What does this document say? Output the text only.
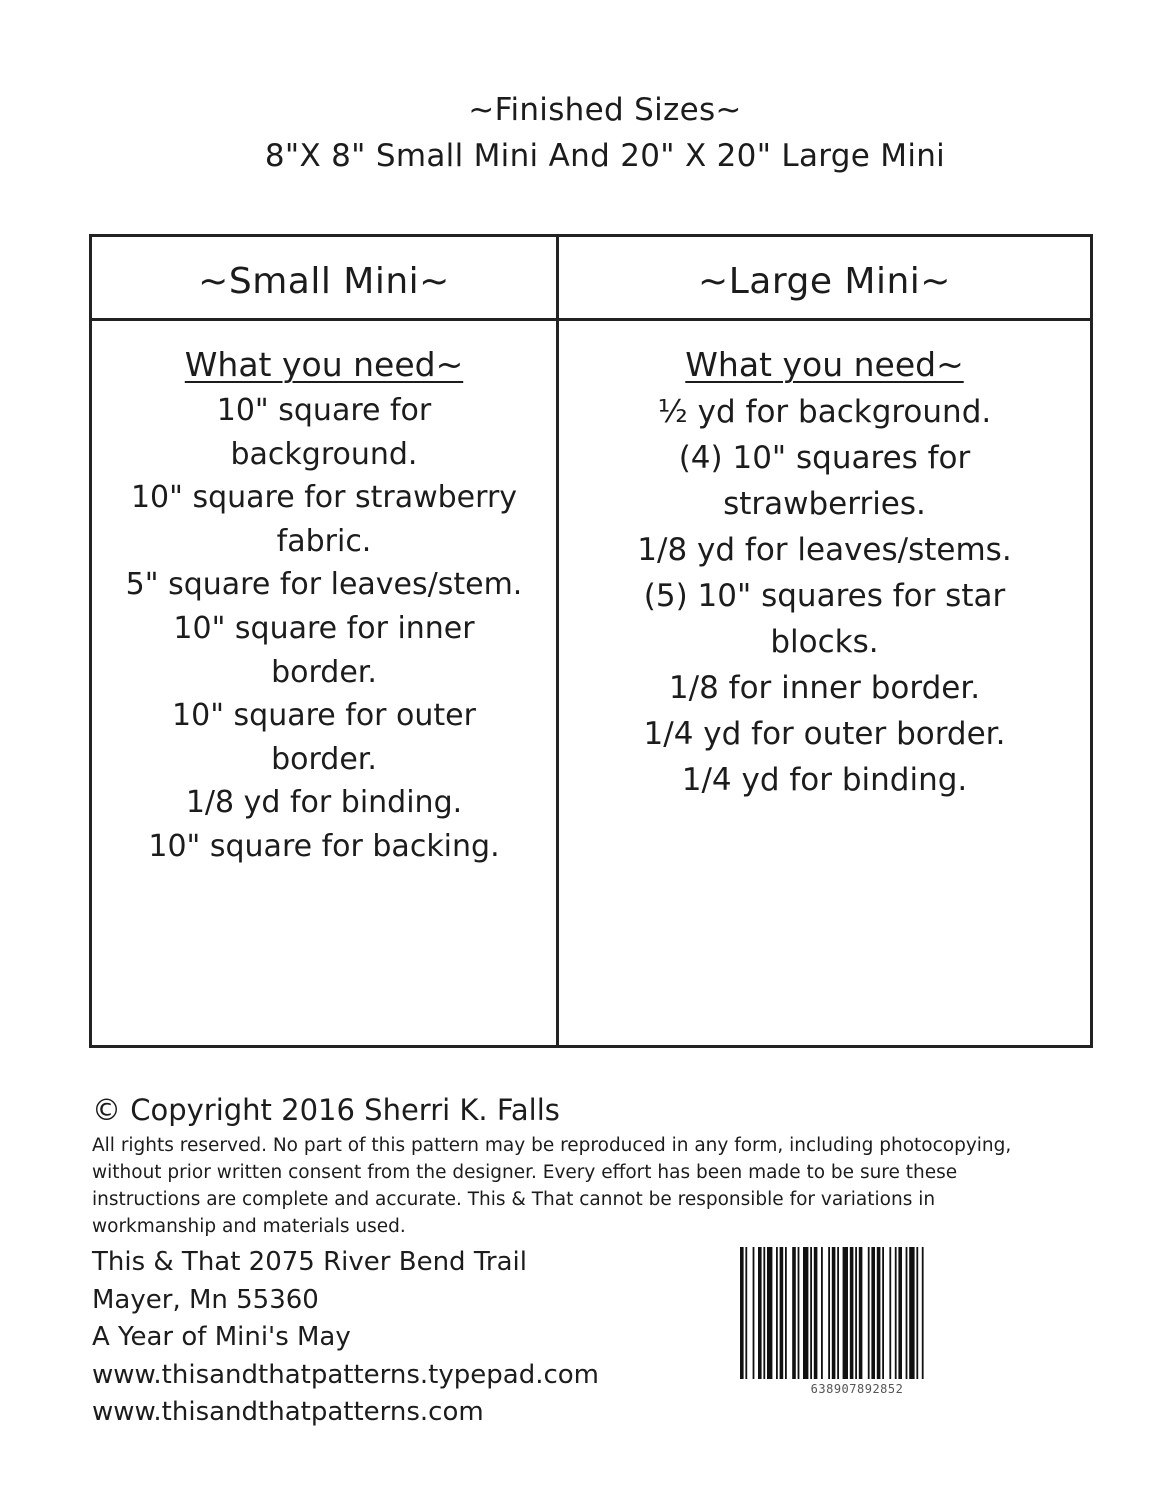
~Finished Sizes~
8"X 8" Small Mini And 20" X 20" Large Mini
~Small Mini~
What you need~
10" square for
background.
10" square for strawberry
fabric.
5" square for leaves/stem.
10" square for inner
border.
10" square for outer
border.
1/8 yd for binding.
10" square for backing.
~Large Mini~
What you need~
½ yd for background.
(4) 10" squares for
strawberries.
1/8 yd for leaves/stems.
(5) 10" squares for star
blocks.
1/8 for inner border.
1/4 yd for outer border.
1/4 yd for binding.
© Copyright 2016 Sherri K. Falls
All rights reserved. No part of this pattern may be reproduced in any form, including photocopying, without prior written consent from the designer. Every effort has been made to be sure these instructions are complete and accurate. This & That cannot be responsible for variations in workmanship and materials used.
This & That 2075 River Bend Trail
Mayer, Mn 55360
A Year of Mini's May
www.thisandthatpatterns.typepad.com
www.thisandthatpatterns.com
638907892852
